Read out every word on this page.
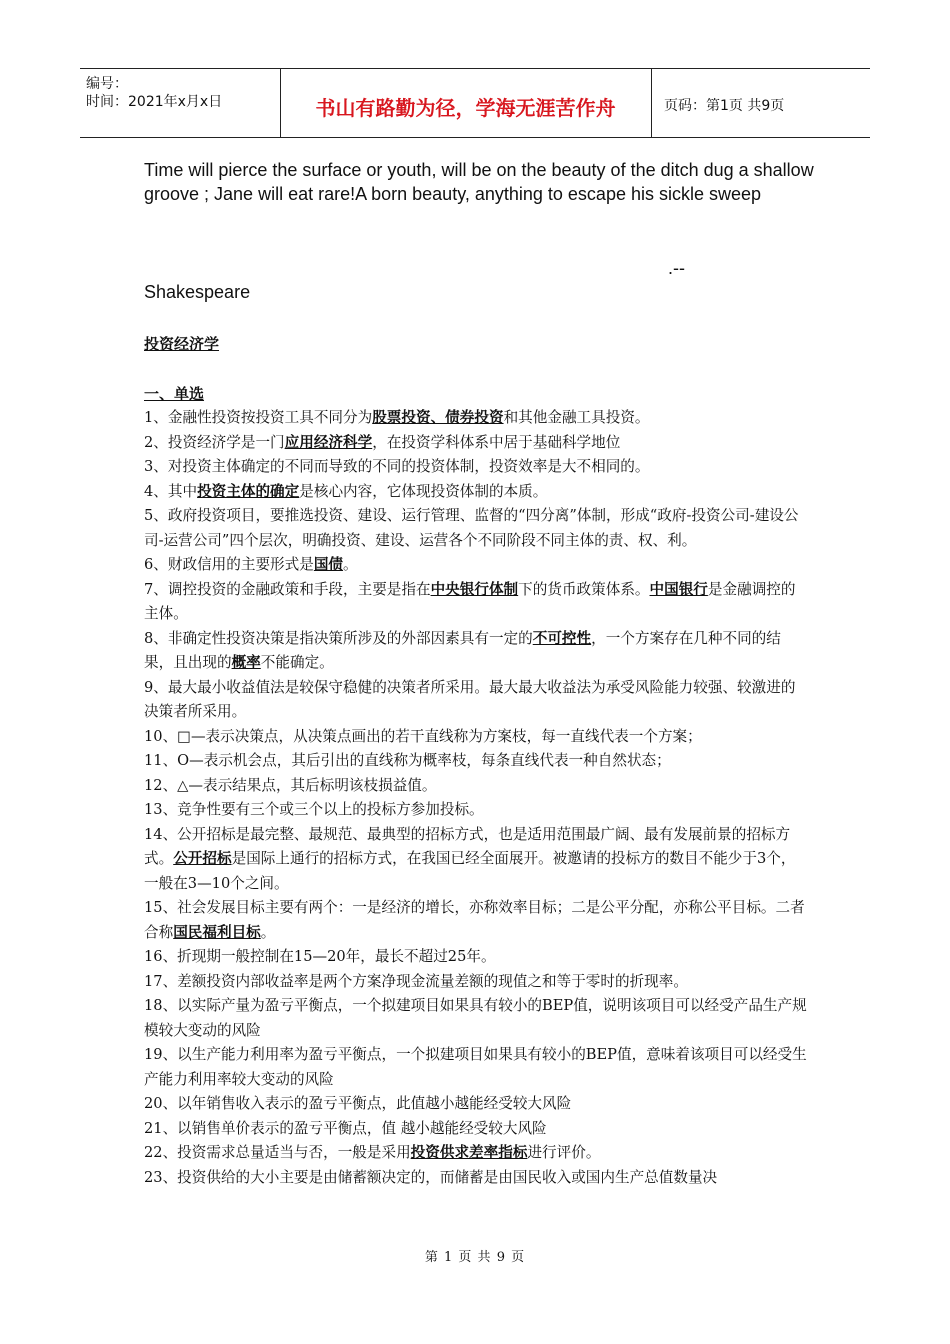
编号：
时间：2021年x月x日	书山有路勤为径，学海无涯苦作舟	页码：第1页 共9页
Time will pierce the surface or youth, will be on the beauty of the ditch dug a shallow groove ; Jane will eat rare!A born beauty, anything to escape his sickle sweep
.--
Shakespeare
投资经济学
一、单选

1、金融性投资按投资工具不同分为股票投资、债券投资和其他金融工具投资。

2、投资经济学是一门应用经济科学，在投资学科体系中居于基础科学地位

3、对投资主体确定的不同而导致的不同的投资体制，投资效率是大不相同的。

4、其中投资主体的确定是核心内容，它体现投资体制的本质。

5、政府投资项目，要推选投资、建设、运行管理、监督的“四分离”体制，形成“政府-投资公司-建设公司-运营公司”四个层次，明确投资、建设、运营各个不同阶段不同主体的责、权、利。

6、财政信用的主要形式是国债。

7、调控投资的金融政策和手段，主要是指在中央银行体制下的货币政策体系。中国银行是金融调控的主体。

8、非确定性投资决策是指决策所涉及的外部因素具有一定的不可控性，一个方案存在几种不同的结果，且出现的概率不能确定。

9、最大最小收益值法是较保守稳健的决策者所采用。最大最大收益法为承受风险能力较强、较激进的决策者所采用。

10、□—表示决策点，从决策点画出的若干直线称为方案枝，每一直线代表一个方案；

11、O—表示机会点，其后引出的直线称为概率枝，每条直线代表一种自然状态；

12、△—表示结果点，其后标明该枝损益值。

13、竞争性要有三个或三个以上的投标方参加投标。

14、公开招标是最完整、最规范、最典型的招标方式，也是适用范围最广阔、最有发展前景的招标方式。公开招标是国际上通行的招标方式，在我国已经全面展开。被邀请的投标方的数目不能少于3个，一般在3—10个之间。

15、社会发展目标主要有两个：一是经济的增长，亦称效率目标；二是公平分配，亦称公平目标。二者合称国民福利目标。

16、折现期一般控制在15—20年，最长不超过25年。

17、差额投资内部收益率是两个方案净现金流量差额的现值之和等于零时的折现率。

18、以实际产量为盈亏平衡点，一个拟建项目如果具有较小的BEP值，说明该项目可以经受产品生产规模较大变动的风险

19、以生产能力利用率为盈亏平衡点，一个拟建项目如果具有较小的BEP值，意味着该项目可以经受生产能力利用率较大变动的风险

20、以年销售收入表示的盈亏平衡点，此值越小越能经受较大风险

21、以销售单价表示的盈亏平衡点，值 越小越能经受较大风险

22、投资需求总量适当与否，一般是采用投资供求差率指标进行评价。

23、投资供给的大小主要是由储蓄额决定的，而储蓄是由国民收入或国内生产总值数量决

第 1 页 共 9 页
